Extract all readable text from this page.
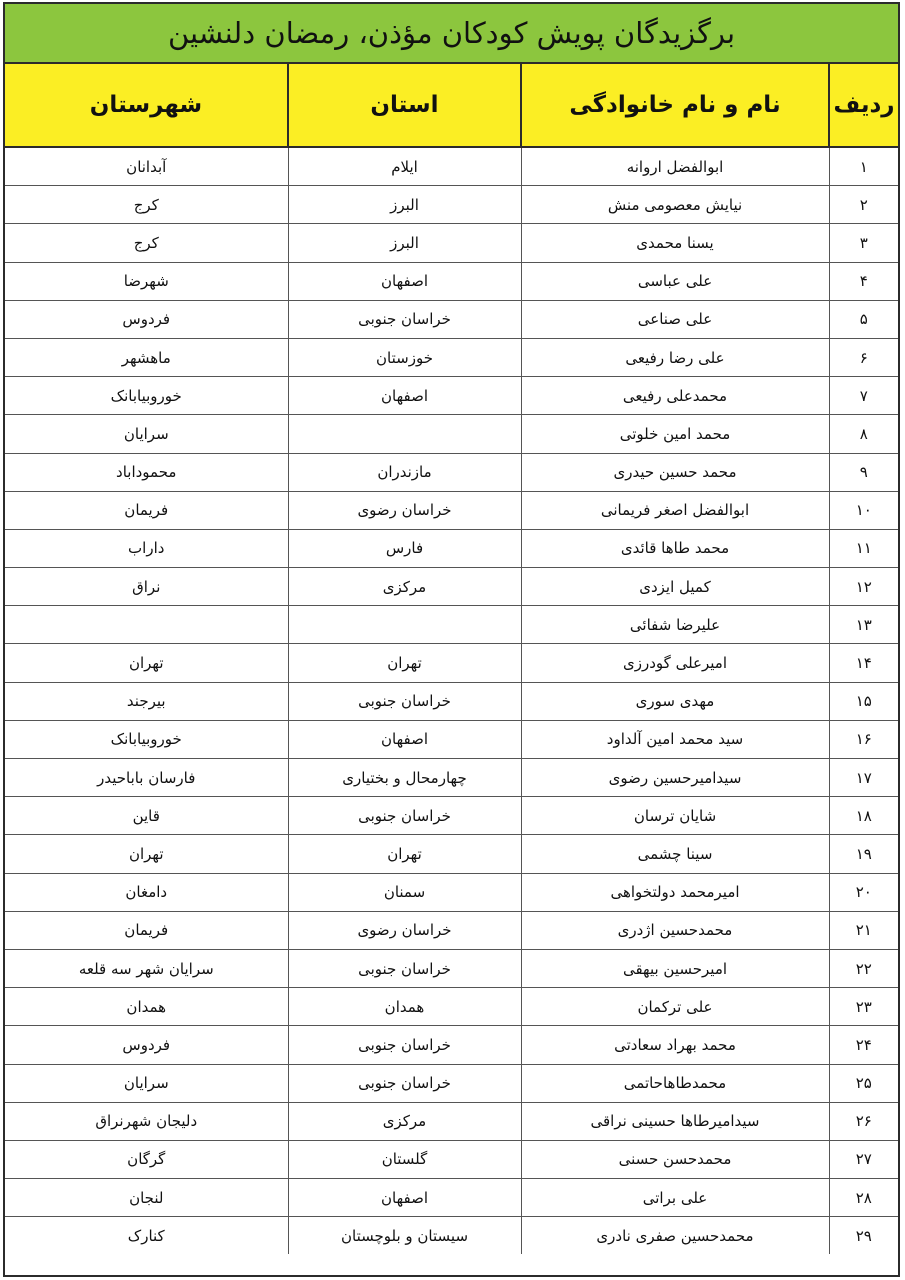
برگزیدگان پویش کودکان مؤذن، رمضان دلنشین
ردیف	نام و نام خانوادگی	استان	شهرستان
۱	ابوالفضل اروانه	ایلام	آبدانان
۲	نیایش معصومی منش	البرز	کرج
۳	یسنا محمدی	البرز	کرج
۴	علی عباسی	اصفهان	شهرضا
۵	علی صناعی	خراسان جنوبی	فردوس
۶	علی رضا رفیعی	خوزستان	ماهشهر
۷	محمدعلی رفیعی	اصفهان	خوروبیابانک
۸	محمد امین خلوتی		سرایان
۹	محمد حسین حیدری	مازندران	محموداباد
۱۰	ابوالفضل اصغر فریمانی	خراسان رضوی	فریمان
۱۱	محمد طاها قائدی	فارس	داراب
۱۲	کمیل ایزدی	مرکزی	نراق
۱۳	علیرضا شفائی		
۱۴	امیرعلی گودرزی	تهران	تهران
۱۵	مهدی سوری	خراسان جنوبی	بیرجند
۱۶	سید محمد امین آلداود	اصفهان	خوروبیابانک
۱۷	سیدامیرحسین رضوی	چهارمحال و بختیاری	فارسان باباحیدر
۱۸	شایان ترسان	خراسان جنوبی	قاین
۱۹	سینا چشمی	تهران	تهران
۲۰	امیرمحمد دولتخواهی	سمنان	دامغان
۲۱	محمدحسین اژدری	خراسان رضوی	فریمان
۲۲	امیرحسین بیهقی	خراسان جنوبی	سرایان شهر سه قلعه
۲۳	علی ترکمان	همدان	همدان
۲۴	محمد بهراد سعادتی	خراسان جنوبی	فردوس
۲۵	محمدطاهاحاتمی	خراسان جنوبی	سرایان
۲۶	سیدامیرطاها حسینی نراقی	مرکزی	دلیجان شهرنراق
۲۷	محمدحسن حسنی	گلستان	گرگان
۲۸	علی براتی	اصفهان	لنجان
۲۹	محمدحسین صفری نادری	سیستان و بلوچستان	کنارک
